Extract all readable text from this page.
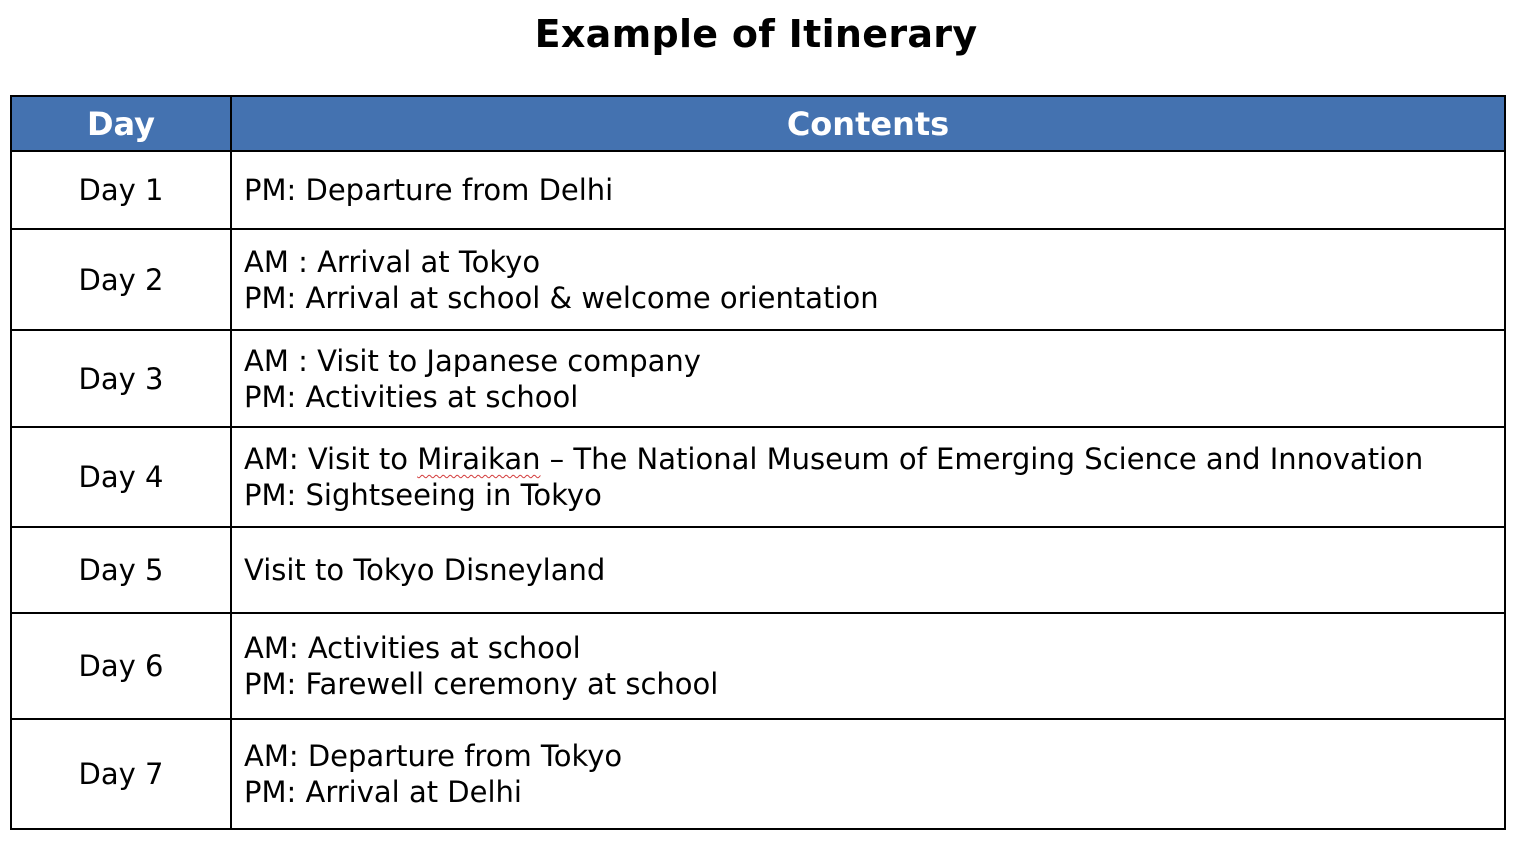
Example of Itinerary
Day	Contents
Day 1	PM: Departure from Delhi

Day 2	AM : Arrival at Tokyo
PM: Arrival at school & welcome orientation

Day 3	AM : Visit to Japanese company
PM: Activities at school

Day 4	AM: Visit to Miraikan – The National Museum of Emerging Science and Innovation
PM: Sightseeing in Tokyo

Day 5	Visit to Tokyo Disneyland

Day 6	AM: Activities at school
PM: Farewell ceremony at school

Day 7	AM: Departure from Tokyo
PM: Arrival at Delhi
